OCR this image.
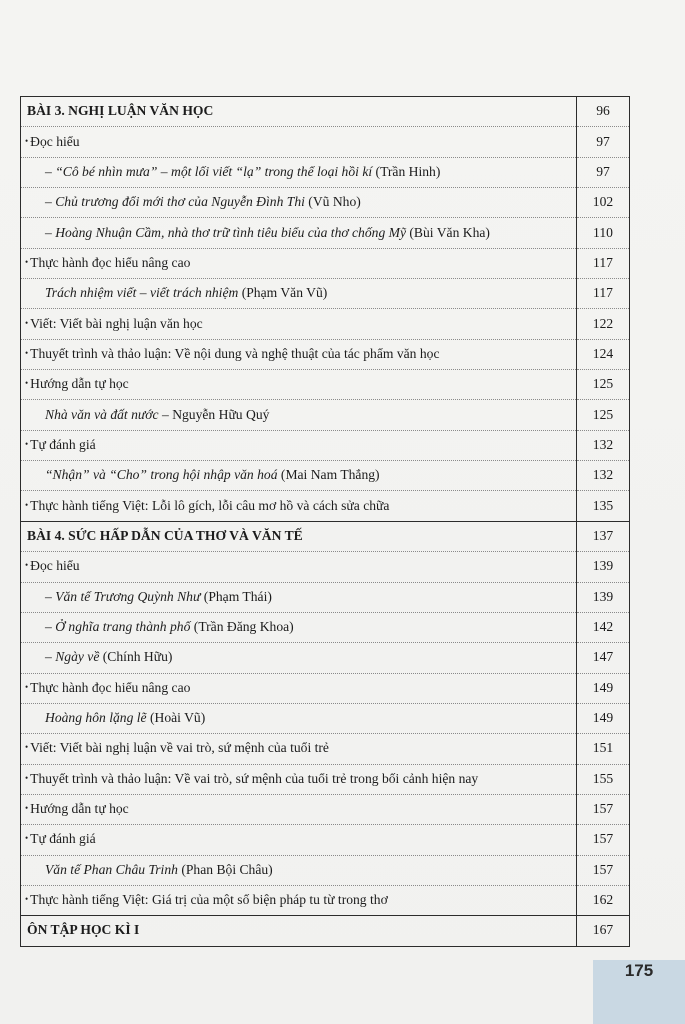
BÀI 3. NGHỊ LUẬN VĂN HỌC	96
• Đọc hiểu	97
– “Cô bé nhìn mưa” – một lối viết “lạ” trong thể loại hồi kí (Trần Hinh)	97
– Chủ trương đổi mới thơ của Nguyễn Đình Thi (Vũ Nho)	102
– Hoàng Nhuận Cầm, nhà thơ trữ tình tiêu biểu của thơ chống Mỹ (Bùi Văn Kha)	110
• Thực hành đọc hiểu nâng cao	117
Trách nhiệm viết – viết trách nhiệm (Phạm Văn Vũ)	117
• Viết: Viết bài nghị luận văn học	122
• Thuyết trình và thảo luận: Về nội dung và nghệ thuật của tác phẩm văn học	124
• Hướng dẫn tự học	125
Nhà văn và đất nước – Nguyễn Hữu Quý	125
• Tự đánh giá	132
“Nhận” và “Cho” trong hội nhập văn hoá (Mai Nam Thắng)	132
• Thực hành tiếng Việt: Lỗi lô gích, lỗi câu mơ hồ và cách sửa chữa	135
BÀI 4. SỨC HẤP DẪN CỦA THƠ VÀ VĂN TẾ	137
• Đọc hiểu	139
– Văn tế Trương Quỳnh Như (Phạm Thái)	139
– Ở nghĩa trang thành phố (Trần Đăng Khoa)	142
– Ngày về (Chính Hữu)	147
• Thực hành đọc hiểu nâng cao	149
Hoàng hôn lặng lẽ (Hoài Vũ)	149
• Viết: Viết bài nghị luận về vai trò, sứ mệnh của tuổi trẻ	151
• Thuyết trình và thảo luận: Về vai trò, sứ mệnh của tuổi trẻ trong bối cảnh hiện nay	155
• Hướng dẫn tự học	157
• Tự đánh giá	157
Văn tế Phan Châu Trinh (Phan Bội Châu)	157
• Thực hành tiếng Việt: Giá trị của một số biện pháp tu từ trong thơ	162
ÔN TẬP HỌC KÌ I	167
175
